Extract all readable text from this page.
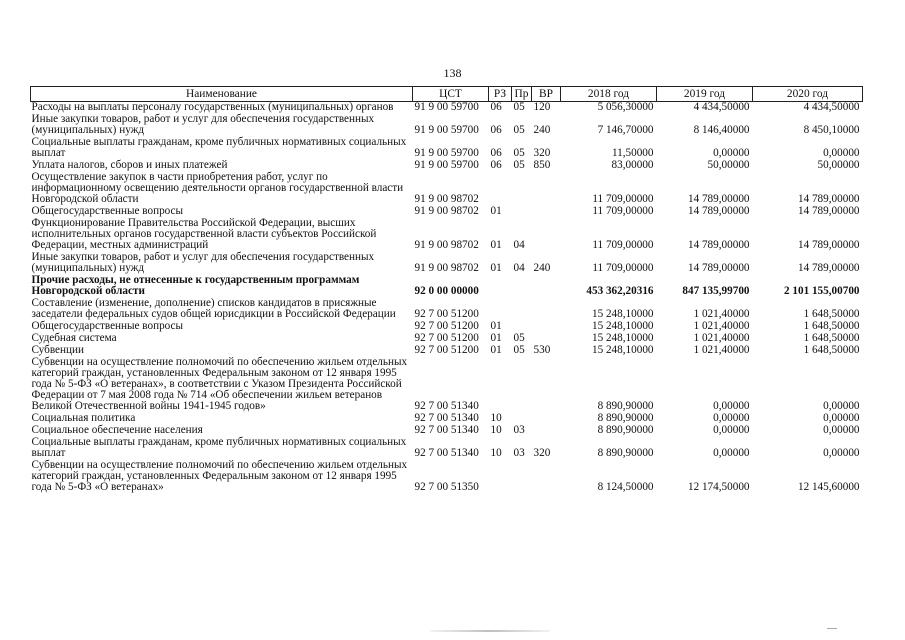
138
Наименование	ЦСТ	РЗ	Пр	ВР	2018 год	2019 год	2020 год
Расходы на выплаты персоналу государственных (муниципальных) органов	91 9 00 59700	06	05	120	5 056,30000	4 434,50000	4 434,50000
Иные закупки товаров, работ и услуг для обеспечения государственных (муниципальных) нужд	91 9 00 59700	06	05	240	7 146,70000	8 146,40000	8 450,10000
Социальные выплаты гражданам, кроме публичных нормативных социальных выплат	91 9 00 59700	06	05	320	11,50000	0,00000	0,00000
Уплата налогов, сборов и иных платежей	91 9 00 59700	06	05	850	83,00000	50,00000	50,00000
Осуществление закупок в части приобретения работ, услуг по информационному освещению деятельности органов государственной власти Новгородской области	91 9 00 98702				11 709,00000	14 789,00000	14 789,00000
Общегосударственные вопросы	91 9 00 98702	01			11 709,00000	14 789,00000	14 789,00000
Функционирование Правительства Российской Федерации, высших исполнительных органов государственной власти субъектов Российской Федерации, местных администраций	91 9 00 98702	01	04		11 709,00000	14 789,00000	14 789,00000
Иные закупки товаров, работ и услуг для обеспечения государственных (муниципальных) нужд	91 9 00 98702	01	04	240	11 709,00000	14 789,00000	14 789,00000
Прочие расходы, не отнесенные к государственным программам Новгородской области	92 0 00 00000				453 362,20316	847 135,99700	2 101 155,00700
Составление (изменение, дополнение) списков кандидатов в присяжные заседатели федеральных судов общей юрисдикции в Российской Федерации	92 7 00 51200				15 248,10000	1 021,40000	1 648,50000
Общегосударственные вопросы	92 7 00 51200	01			15 248,10000	1 021,40000	1 648,50000
Судебная система	92 7 00 51200	01	05		15 248,10000	1 021,40000	1 648,50000
Субвенции	92 7 00 51200	01	05	530	15 248,10000	1 021,40000	1 648,50000
Субвенции на осуществление полномочий по обеспечению жильем отдельных категорий граждан, установленных Федеральным законом от 12 января 1995 года № 5-ФЗ «О ветеранах», в соответствии с Указом Президента Российской Федерации от 7 мая 2008 года № 714 «Об обеспечении жильем ветеранов Великой Отечественной войны 1941-1945 годов»	92 7 00 51340				8 890,90000	0,00000	0,00000
Социальная политика	92 7 00 51340	10			8 890,90000	0,00000	0,00000
Социальное обеспечение населения	92 7 00 51340	10	03		8 890,90000	0,00000	0,00000
Социальные выплаты гражданам, кроме публичных нормативных социальных выплат	92 7 00 51340	10	03	320	8 890,90000	0,00000	0,00000
Субвенции на осуществление полномочий по обеспечению жильем отдельных категорий граждан, установленных Федеральным законом от 12 января 1995 года № 5-ФЗ «О ветеранах»	92 7 00 51350				8 124,50000	12 174,50000	12 145,60000
